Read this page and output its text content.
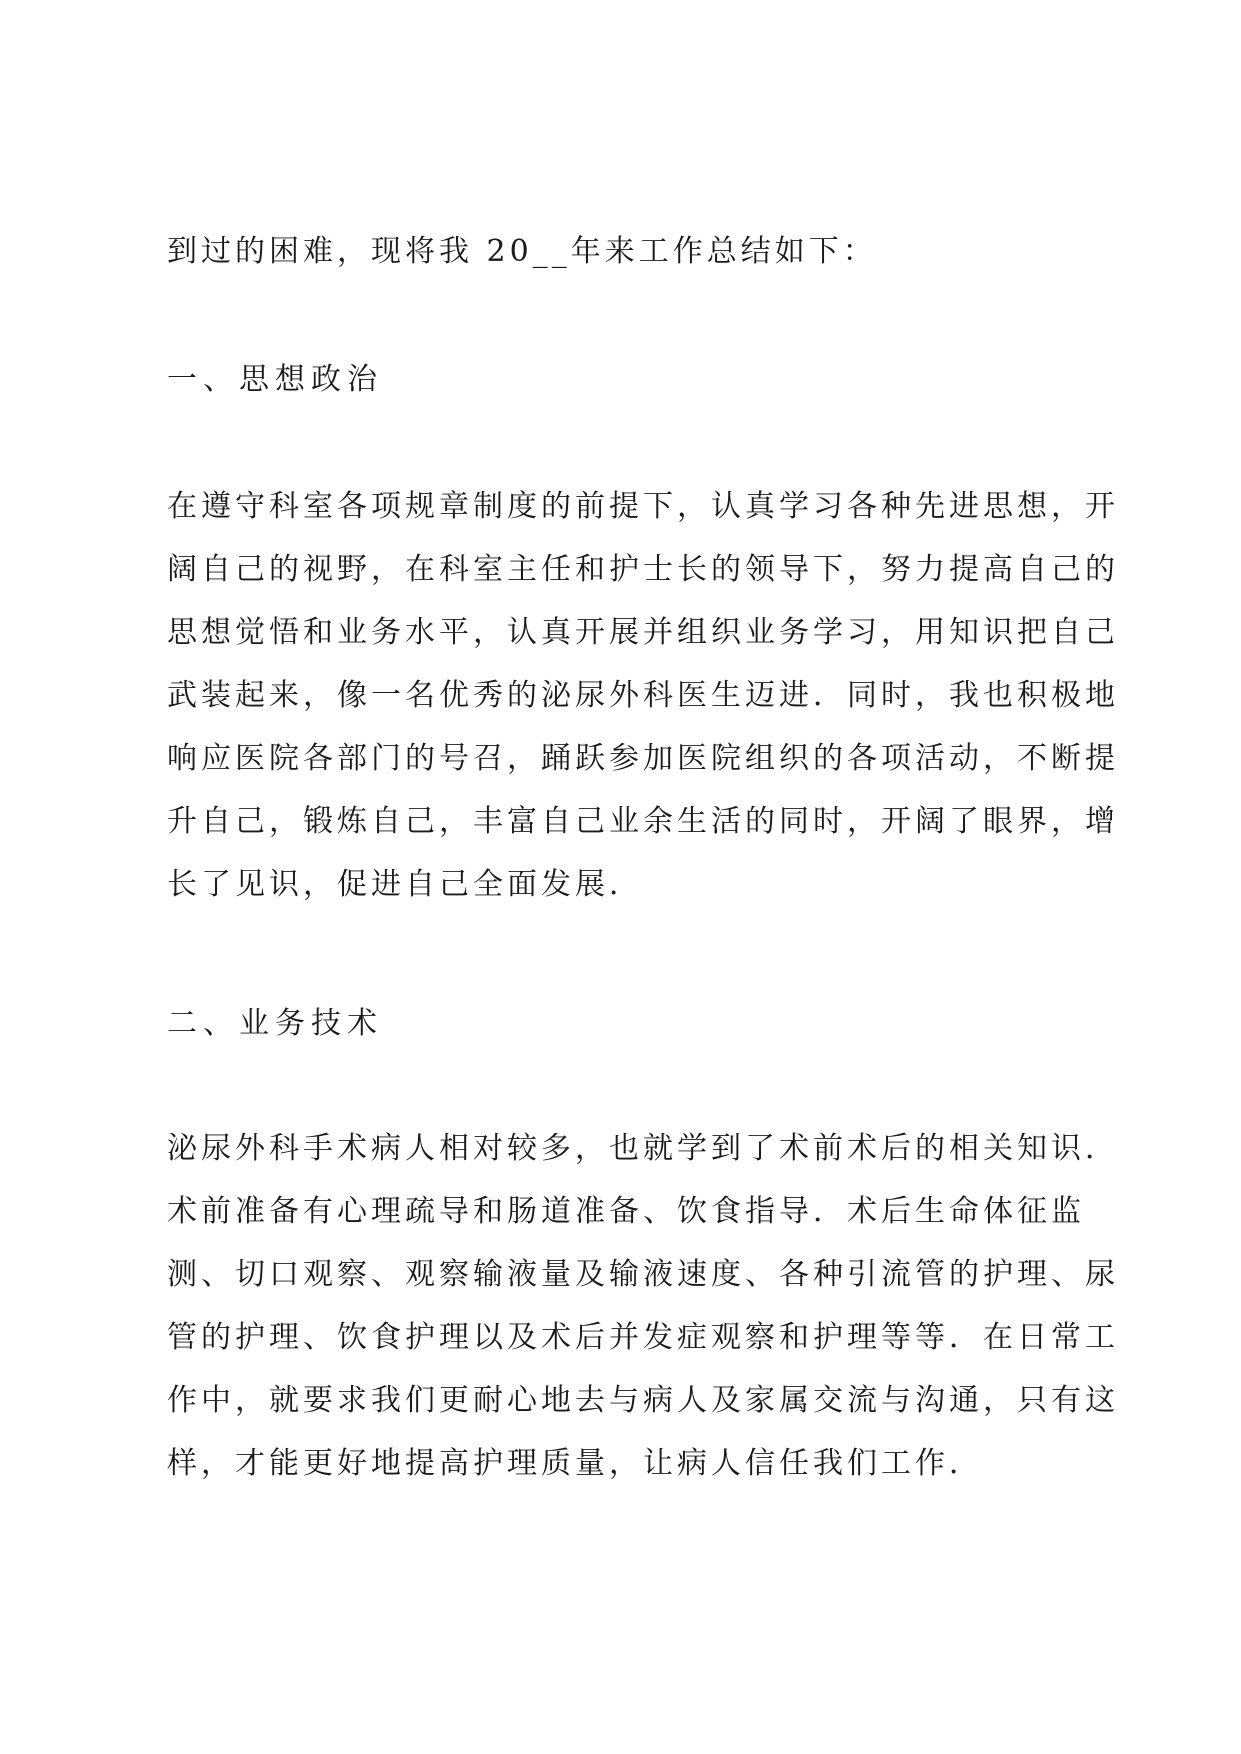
到过的困难，现将我 20__年来工作总结如下：
一、思想政治
在遵守科室各项规章制度的前提下，认真学习各种先进思想，开
阔自己的视野，在科室主任和护士长的领导下，努力提高自己的
思想觉悟和业务水平，认真开展并组织业务学习，用知识把自己
武装起来，像一名优秀的泌尿外科医生迈进．同时，我也积极地
响应医院各部门的号召，踊跃参加医院组织的各项活动，不断提
升自己，锻炼自己，丰富自己业余生活的同时，开阔了眼界，增
长了见识，促进自己全面发展．
二、业务技术
泌尿外科手术病人相对较多，也就学到了术前术后的相关知识．
术前准备有心理疏导和肠道准备、饮食指导．术后生命体征监
测、切口观察、观察输液量及输液速度、各种引流管的护理、尿
管的护理、饮食护理以及术后并发症观察和护理等等．在日常工
作中，就要求我们更耐心地去与病人及家属交流与沟通，只有这
样，才能更好地提高护理质量，让病人信任我们工作．
